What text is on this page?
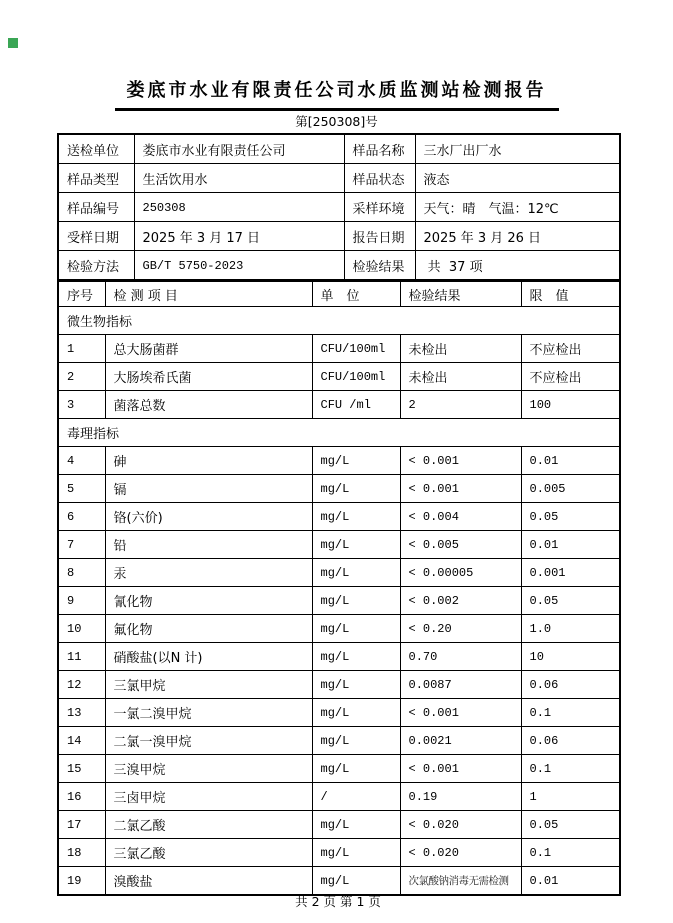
娄底市水业有限责任公司水质监测站检测报告
第[250308]号
送检单位	娄底市水业有限责任公司	样品名称	三水厂出厂水
样品类型	生活饮用水	样品状态	液态
样品编号	250308	采样环境	天气：晴　气温：12℃
受样日期	2025 年 3 月 17 日	报告日期	2025 年 3 月 26 日
检验方法	GB/T 5750-2023	检验结果	共  37 项
序号	检 测 项 目	单　位	检验结果	限　值
微生物指标				
1	总大肠菌群	CFU/100ml	未检出	不应检出
2	大肠埃希氏菌	CFU/100ml	未检出	不应检出
3	菌落总数	CFU /ml	2	100
毒理指标				
4	砷	mg/L	< 0.001	0.01
5	镉	mg/L	< 0.001	0.005
6	铬(六价)	mg/L	< 0.004	0.05
7	铅	mg/L	< 0.005	0.01
8	汞	mg/L	< 0.00005	0.001
9	氰化物	mg/L	< 0.002	0.05
10	氟化物	mg/L	< 0.20	1.0
11	硝酸盐(以N 计)	mg/L	0.70	10
12	三氯甲烷	mg/L	0.0087	0.06
13	一氯二溴甲烷	mg/L	< 0.001	0.1
14	二氯一溴甲烷	mg/L	0.0021	0.06
15	三溴甲烷	mg/L	< 0.001	0.1
16	三卤甲烷	/	0.19	1
17	二氯乙酸	mg/L	< 0.020	0.05
18	三氯乙酸	mg/L	< 0.020	0.1
19	溴酸盐	mg/L	次氯酸钠消毒无需检测	0.01
共 2 页 第 1 页
